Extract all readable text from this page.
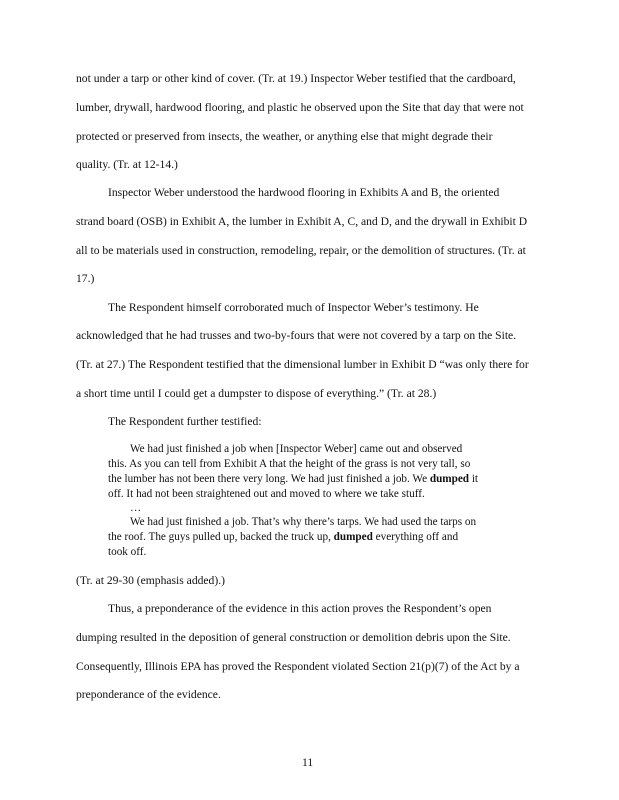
not under a tarp or other kind of cover. (Tr. at 19.) Inspector Weber testified that the cardboard,
lumber, drywall, hardwood flooring, and plastic he observed upon the Site that day that were not
protected or preserved from insects, the weather, or anything else that might degrade their
quality. (Tr. at 12-14.)
Inspector Weber understood the hardwood flooring in Exhibits A and B, the oriented
strand board (OSB) in Exhibit A, the lumber in Exhibit A, C, and D, and the drywall in Exhibit D
all to be materials used in construction, remodeling, repair, or the demolition of structures. (Tr. at
17.)
The Respondent himself corroborated much of Inspector Weber’s testimony. He
acknowledged that he had trusses and two-by-fours that were not covered by a tarp on the Site.
(Tr. at 27.) The Respondent testified that the dimensional lumber in Exhibit D “was only there for
a short time until I could get a dumpster to dispose of everything.” (Tr. at 28.)
The Respondent further testified:
We had just finished a job when [Inspector Weber] came out and observed
this. As you can tell from Exhibit A that the height of the grass is not very tall, so
the lumber has not been there very long. We had just finished a job. We dumped it
off. It had not been straightened out and moved to where we take stuff.
…
We had just finished a job. That’s why there’s tarps. We had used the tarps on
the roof. The guys pulled up, backed the truck up, dumped everything off and
took off.
(Tr. at 29-30 (emphasis added).)
Thus, a preponderance of the evidence in this action proves the Respondent’s open
dumping resulted in the deposition of general construction or demolition debris upon the Site.
Consequently, Illinois EPA has proved the Respondent violated Section 21(p)(7) of the Act by a
preponderance of the evidence.
11
